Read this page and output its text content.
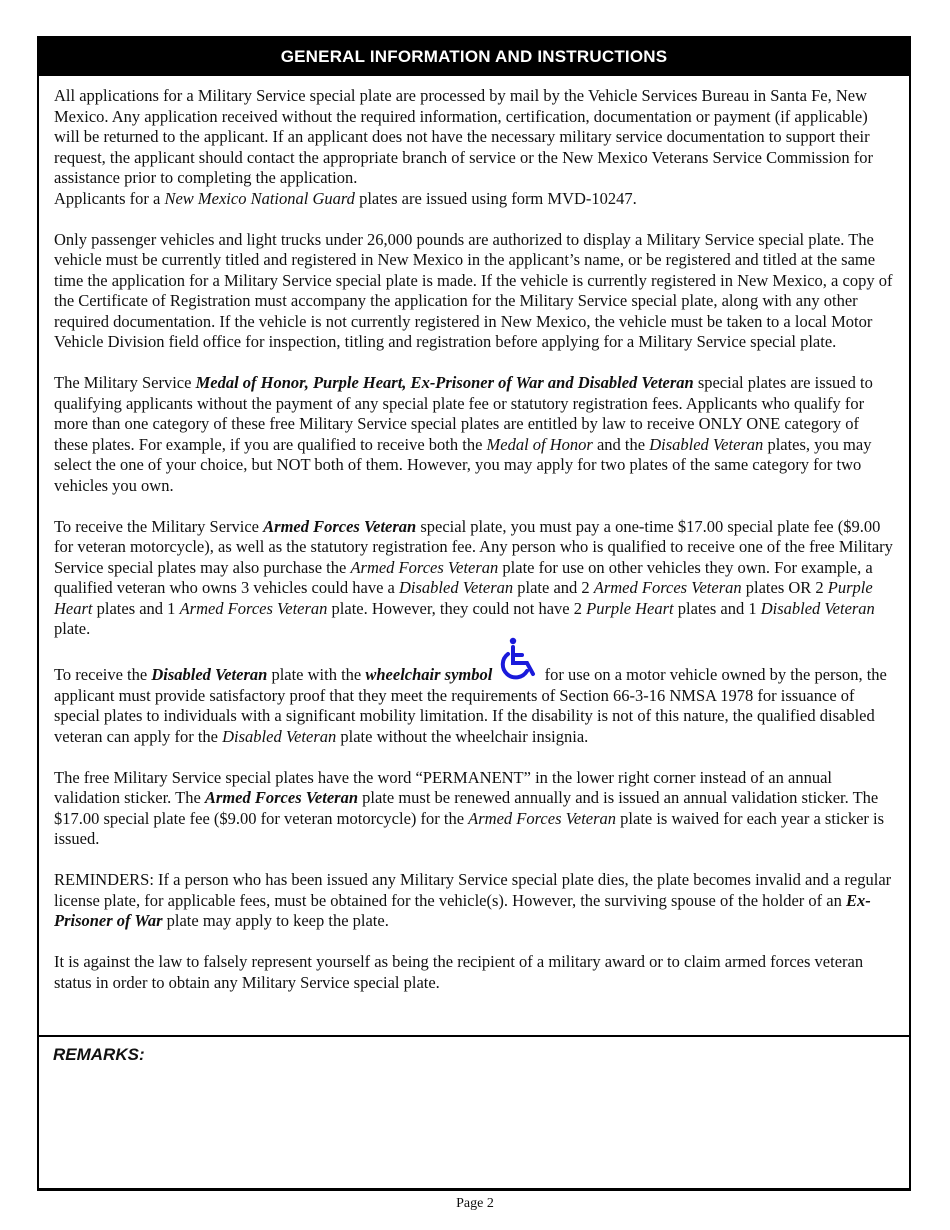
GENERAL INFORMATION AND INSTRUCTIONS

All applications for a Military Service special plate are processed by mail by the Vehicle Services Bureau in Santa Fe, New Mexico. Any application received without the required information, certification, documentation or payment (if applicable) will be returned to the applicant. If an applicant does not have the necessary military service documentation to support their request, the applicant should contact the appropriate branch of service or the New Mexico Veterans Service Commission for assistance prior to completing the application.

Applicants for a New Mexico National Guard plates are issued using form MVD-10247.

Only passenger vehicles and light trucks under 26,000 pounds are authorized to display a Military Service special plate. The vehicle must be currently titled and registered in New Mexico in the applicant’s name, or be registered and titled at the same time the application for a Military Service special plate is made. If the vehicle is currently registered in New Mexico, a copy of the Certificate of Registration must accompany the application for the Military Service special plate, along with any other required documentation. If the vehicle is not currently registered in New Mexico, the vehicle must be taken to a local Motor Vehicle Division field office for inspection, titling and registration before applying for a Military Service special plate.

The Military Service Medal of Honor, Purple Heart, Ex-Prisoner of War and Disabled Veteran special plates are issued to qualifying applicants without the payment of any special plate fee or statutory registration fees. Applicants who qualify for more than one category of these free Military Service special plates are entitled by law to receive ONLY ONE category of these plates. For example, if you are qualified to receive both the Medal of Honor and the Disabled Veteran plates, you may select the one of your choice, but NOT both of them. However, you may apply for two plates of the same category for two vehicles you own.

To receive the Military Service Armed Forces Veteran special plate, you must pay a one-time $17.00 special plate fee ($9.00 for veteran motorcycle), as well as the statutory registration fee. Any person who is qualified to receive one of the free Military Service special plates may also purchase the Armed Forces Veteran plate for use on other vehicles they own. For example, a qualified veteran who owns 3 vehicles could have a Disabled Veteran plate and 2 Armed Forces Veteran plates OR 2 Purple Heart plates and 1 Armed Forces Veteran plate. However, they could not have 2 Purple Heart plates and 1 Disabled Veteran plate.

To receive the Disabled Veteran plate with the wheelchair symbol	for use on a motor vehicle owned by the person, the applicant must provide satisfactory proof that they meet the requirements of Section 66-3-16 NMSA 1978 for issuance of special plates to individuals with a significant mobility limitation. If the disability is not of this nature, the qualified disabled veteran can apply for the Disabled Veteran plate without the wheelchair insignia.

The free Military Service special plates have the word “PERMANENT” in the lower right corner instead of an annual validation sticker. The Armed Forces Veteran plate must be renewed annually and is issued an annual validation sticker. The $17.00 special plate fee ($9.00 for veteran motorcycle) for the Armed Forces Veteran plate is waived for each year a sticker is issued.

REMINDERS: If a person who has been issued any Military Service special plate dies, the plate becomes invalid and a regular license plate, for applicable fees, must be obtained for the vehicle(s). However, the surviving spouse of the holder of an Ex-Prisoner of War plate may apply to keep the plate.

It is against the law to falsely represent yourself as being the recipient of a military award or to claim armed forces veteran status in order to obtain any Military Service special plate.

REMARKS:
Page 2
